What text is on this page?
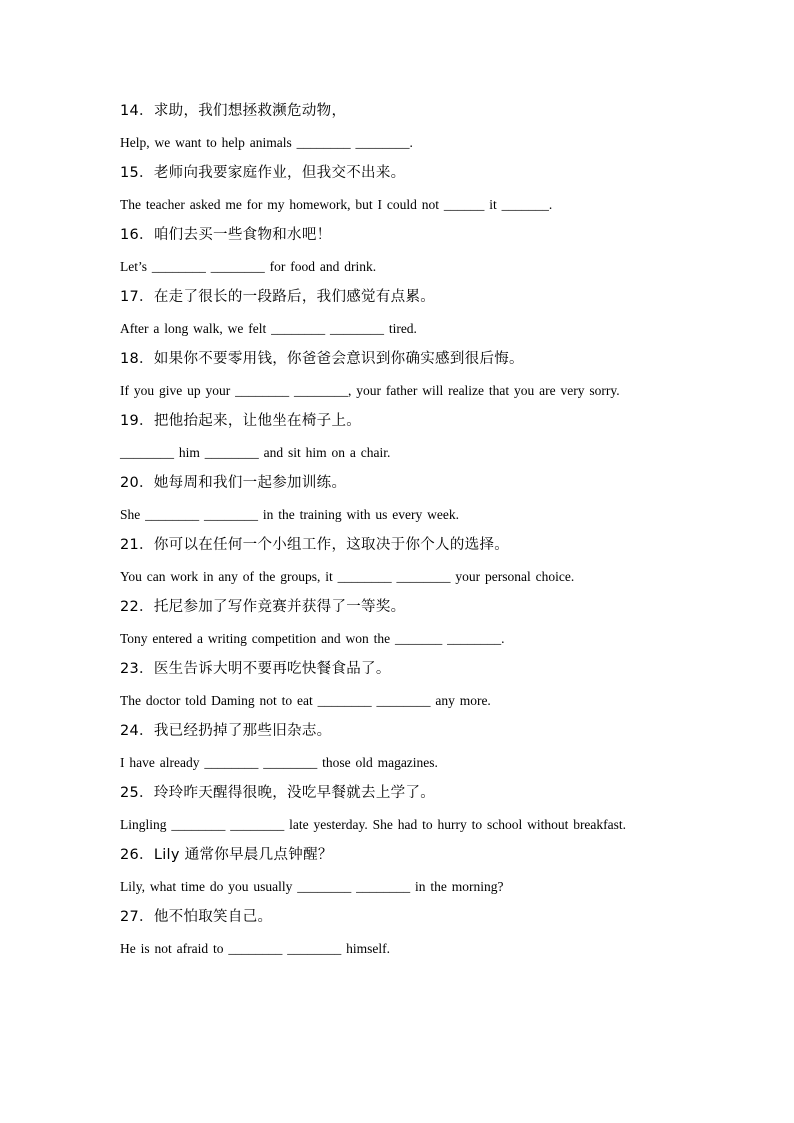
14．求助，我们想拯救濒危动物，
Help, we want to help animals ________ ________.
15．老师向我要家庭作业，但我交不出来。
The teacher asked me for my homework, but I could not ______ it _______.
16．咱们去买一些食物和水吧！
Let’s ________ ________ for food and drink.
17．在走了很长的一段路后，我们感觉有点累。
After a long walk, we felt ________ ________ tired.
18．如果你不要零用钱，你爸爸会意识到你确实感到很后悔。
If you give up your ________ ________, your father will realize that you are very sorry.
19．把他抬起来，让他坐在椅子上。
________ him ________ and sit him on a chair.
20．她每周和我们一起参加训练。
She ________ ________ in the training with us every week.
21．你可以在任何一个小组工作，这取决于你个人的选择。
You can work in any of the groups, it ________ ________ your personal choice.
22．托尼参加了写作竞赛并获得了一等奖。
Tony entered a writing competition and won the _______ ________.
23．医生告诉大明不要再吃快餐食品了。
The doctor told Daming not to eat ________ ________ any more.
24．我已经扔掉了那些旧杂志。
I have already ________ ________ those old magazines.
25．玲玲昨天醒得很晚，没吃早餐就去上学了。
Lingling ________ ________ late yesterday. She had to hurry to school without breakfast.
26．Lily 通常你早晨几点钟醒？
Lily, what time do you usually ________ ________ in the morning?
27．他不怕取笑自己。
He is not afraid to ________ ________ himself.
